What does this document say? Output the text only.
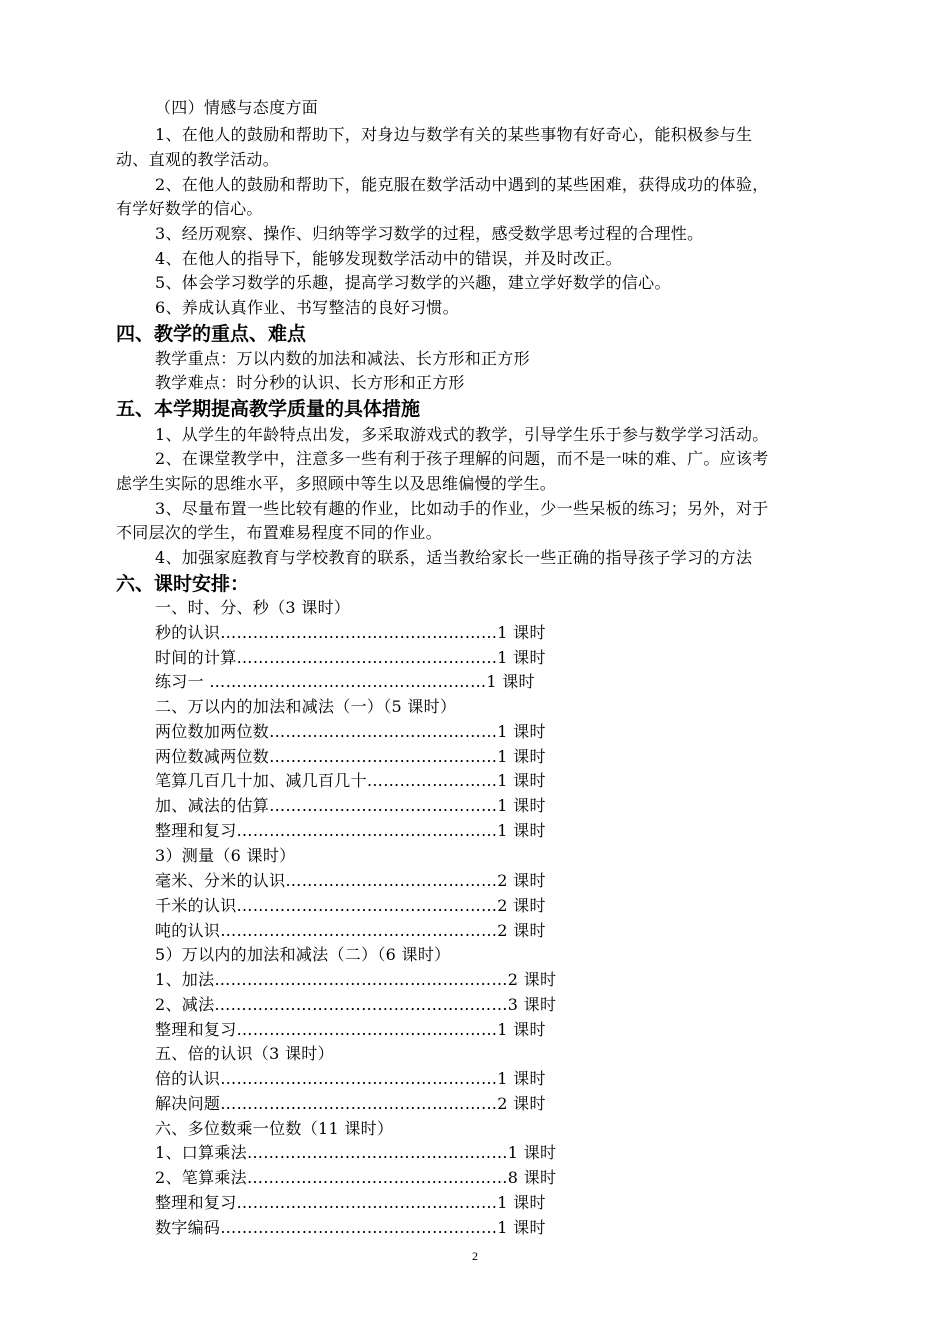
（四）情感与态度方面
1、在他人的鼓励和帮助下，对身边与数学有关的某些事物有好奇心，能积极参与生
动、直观的教学活动。
2、在他人的鼓励和帮助下，能克服在数学活动中遇到的某些困难，获得成功的体验，
有学好数学的信心。
3、经历观察、操作、归纳等学习数学的过程，感受数学思考过程的合理性。
4、在他人的指导下，能够发现数学活动中的错误，并及时改正。
5、体会学习数学的乐趣，提高学习数学的兴趣，建立学好数学的信心。
6、养成认真作业、书写整洁的良好习惯。
四、教学的重点、难点
教学重点：万以内数的加法和减法、长方形和正方形
教学难点：时分秒的认识、长方形和正方形
五、本学期提高教学质量的具体措施
1、从学生的年龄特点出发，多采取游戏式的教学，引导学生乐于参与数学学习活动。
2、在课堂教学中，注意多一些有利于孩子理解的问题，而不是一味的难、广。应该考
虑学生实际的思维水平，多照顾中等生以及思维偏慢的学生。
3、尽量布置一些比较有趣的作业，比如动手的作业，少一些呆板的练习；另外，对于
不同层次的学生，布置难易程度不同的作业。
4、加强家庭教育与学校教育的联系，适当教给家长一些正确的指导孩子学习的方法
六、课时安排：
一、时、分、秒（3 课时）
秒的认识……………………………………………1 课时
时间的计算…………………………………………1 课时
练习一 ……………………………………………1 课时
二、万以内的加法和减法（一）（5 课时）
两位数加两位数……………………………………1 课时
两位数减两位数……………………………………1 课时
笔算几百几十加、减几百几十……………………1 课时
加、减法的估算……………………………………1 课时
整理和复习…………………………………………1 课时
3）测量（6 课时）
毫米、分米的认识…………………………………2 课时
千米的认识…………………………………………2 课时
吨的认识……………………………………………2 课时
5）万以内的加法和减法（二）（6 课时）
1、加法………………………………………………2 课时
2、减法………………………………………………3 课时
整理和复习…………………………………………1 课时
五、倍的认识（3 课时）
倍的认识……………………………………………1 课时
解决问题……………………………………………2 课时
六、多位数乘一位数（11 课时）
1、口算乘法…………………………………………1 课时
2、笔算乘法…………………………………………8 课时
整理和复习…………………………………………1 课时
数字编码……………………………………………1 课时
2
